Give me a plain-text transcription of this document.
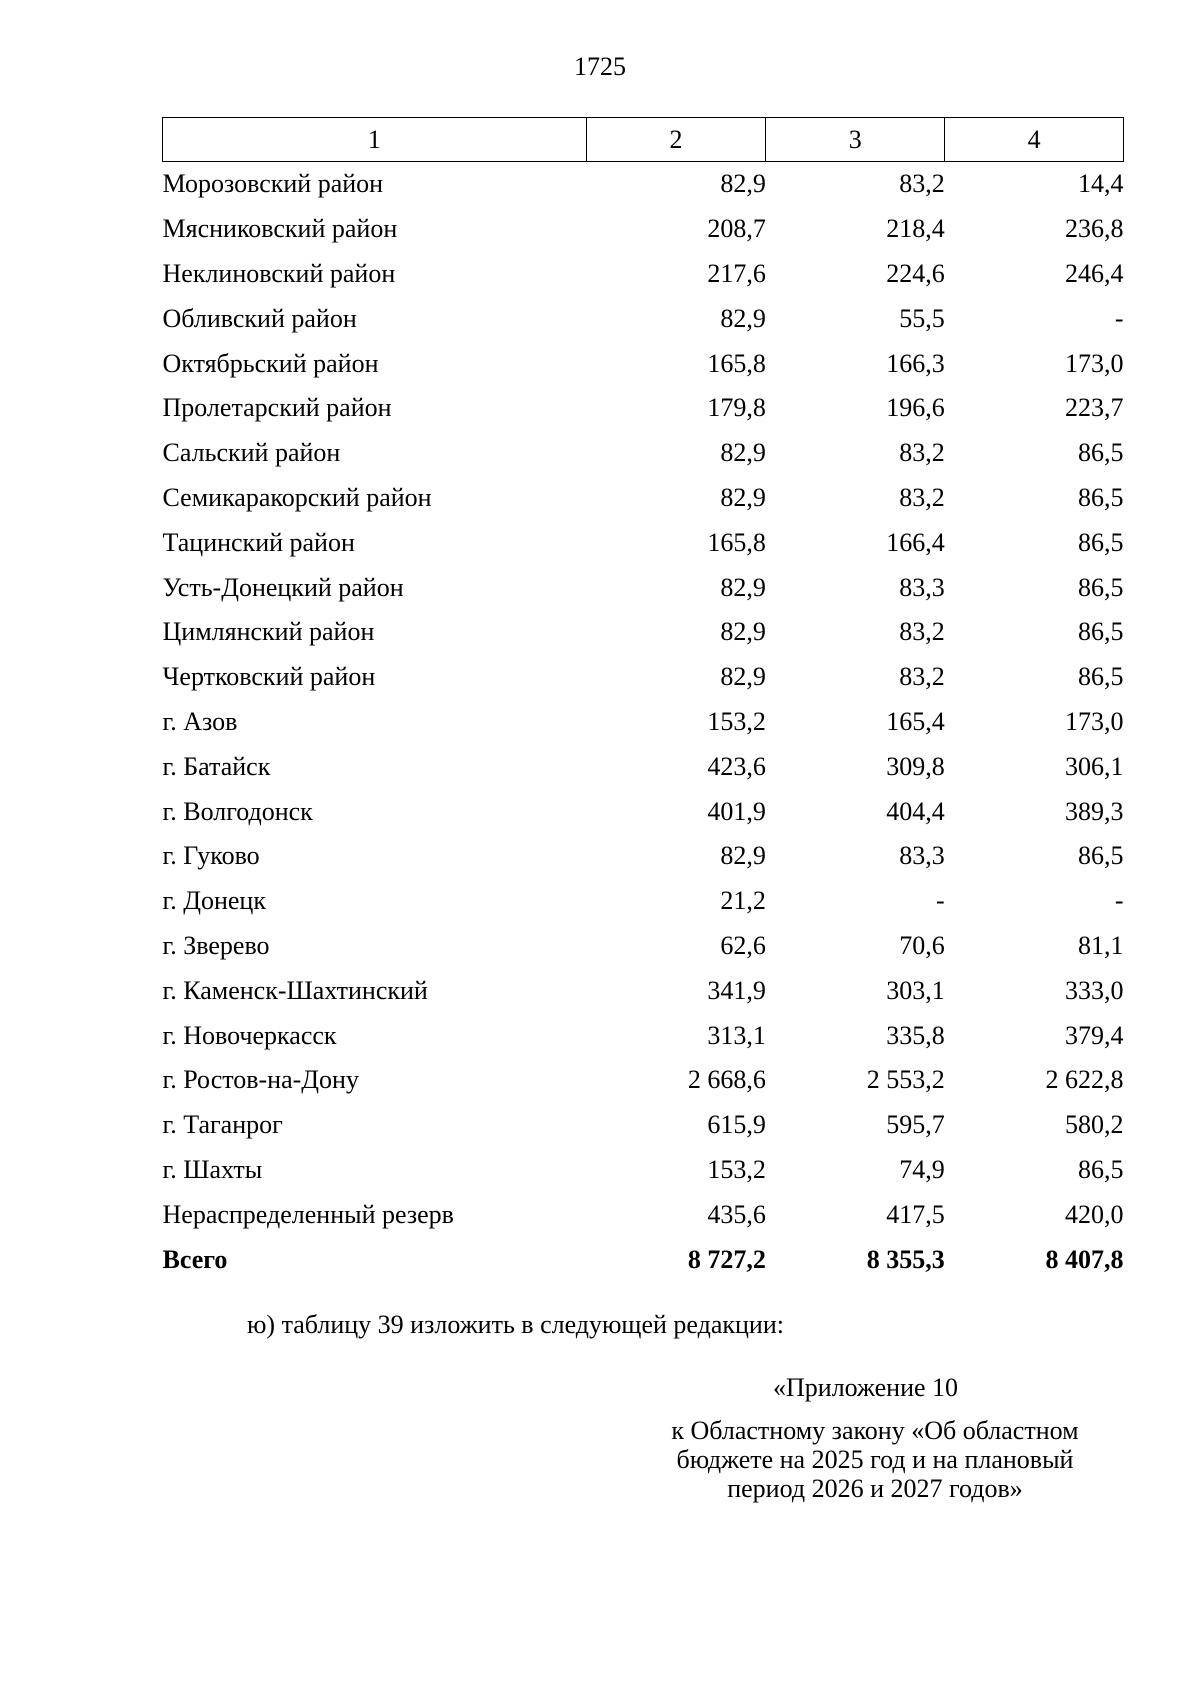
1725
1	2	3	4
Морозовский район	82,9	83,2	14,4
Мясниковский район	208,7	218,4	236,8
Неклиновский район	217,6	224,6	246,4
Обливский район	82,9	55,5	-
Октябрьский район	165,8	166,3	173,0
Пролетарский район	179,8	196,6	223,7
Сальский район	82,9	83,2	86,5
Семикаракорский район	82,9	83,2	86,5
Тацинский район	165,8	166,4	86,5
Усть-Донецкий район	82,9	83,3	86,5
Цимлянский район	82,9	83,2	86,5
Чертковский район	82,9	83,2	86,5
г. Азов	153,2	165,4	173,0
г. Батайск	423,6	309,8	306,1
г. Волгодонск	401,9	404,4	389,3
г. Гуково	82,9	83,3	86,5
г. Донецк	21,2	-	-
г. Зверево	62,6	70,6	81,1
г. Каменск-Шахтинский	341,9	303,1	333,0
г. Новочеркасск	313,1	335,8	379,4
г. Ростов-на-Дону	2 668,6	2 553,2	2 622,8
г. Таганрог	615,9	595,7	580,2
г. Шахты	153,2	74,9	86,5
Нераспределенный резерв	435,6	417,5	420,0
Всего	8 727,2	8 355,3	8 407,8
ю) таблицу 39 изложить в следующей редакции:
«Приложение 10
к Областному закону «Об областном
бюджете на 2025 год и на плановый
период 2026 и 2027 годов»
